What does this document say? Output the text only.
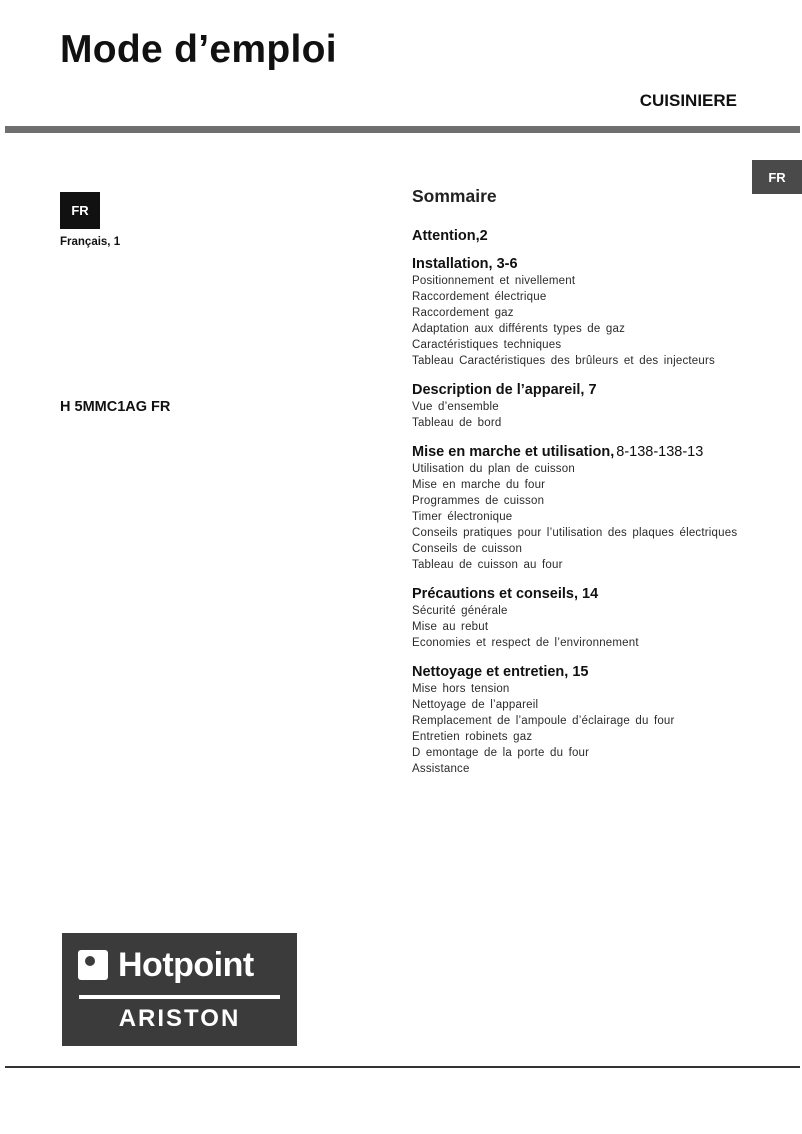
Mode d’emploi
CUISINIERE
FR
FR
Français, 1
H 5MMC1AG FR
Sommaire
Attention,2
Installation, 3-6
Positionnement et nivellement
Raccordement électrique
Raccordement gaz
Adaptation aux différents types de gaz
Caractéristiques techniques
Tableau Caractéristiques des brûleurs et des injecteurs
Description de l’appareil, 7
Vue d’ensemble
Tableau de bord
Mise en marche et utilisation, 8-138-138-13
Utilisation du plan de cuisson
Mise en marche du four
Programmes de cuisson
Timer électronique
Conseils pratiques pour l’utilisation des plaques électriques
Conseils de cuisson
Tableau de cuisson au four
Précautions et conseils, 14
Sécurité générale
Mise au rebut
Economies et respect de l’environnement
Nettoyage et entretien, 15
Mise hors tension
Nettoyage de l’appareil
Remplacement de l’ampoule d’éclairage du four
Entretien robinets gaz
D emontage de la porte du four
Assistance
Hotpoint
ARISTON
